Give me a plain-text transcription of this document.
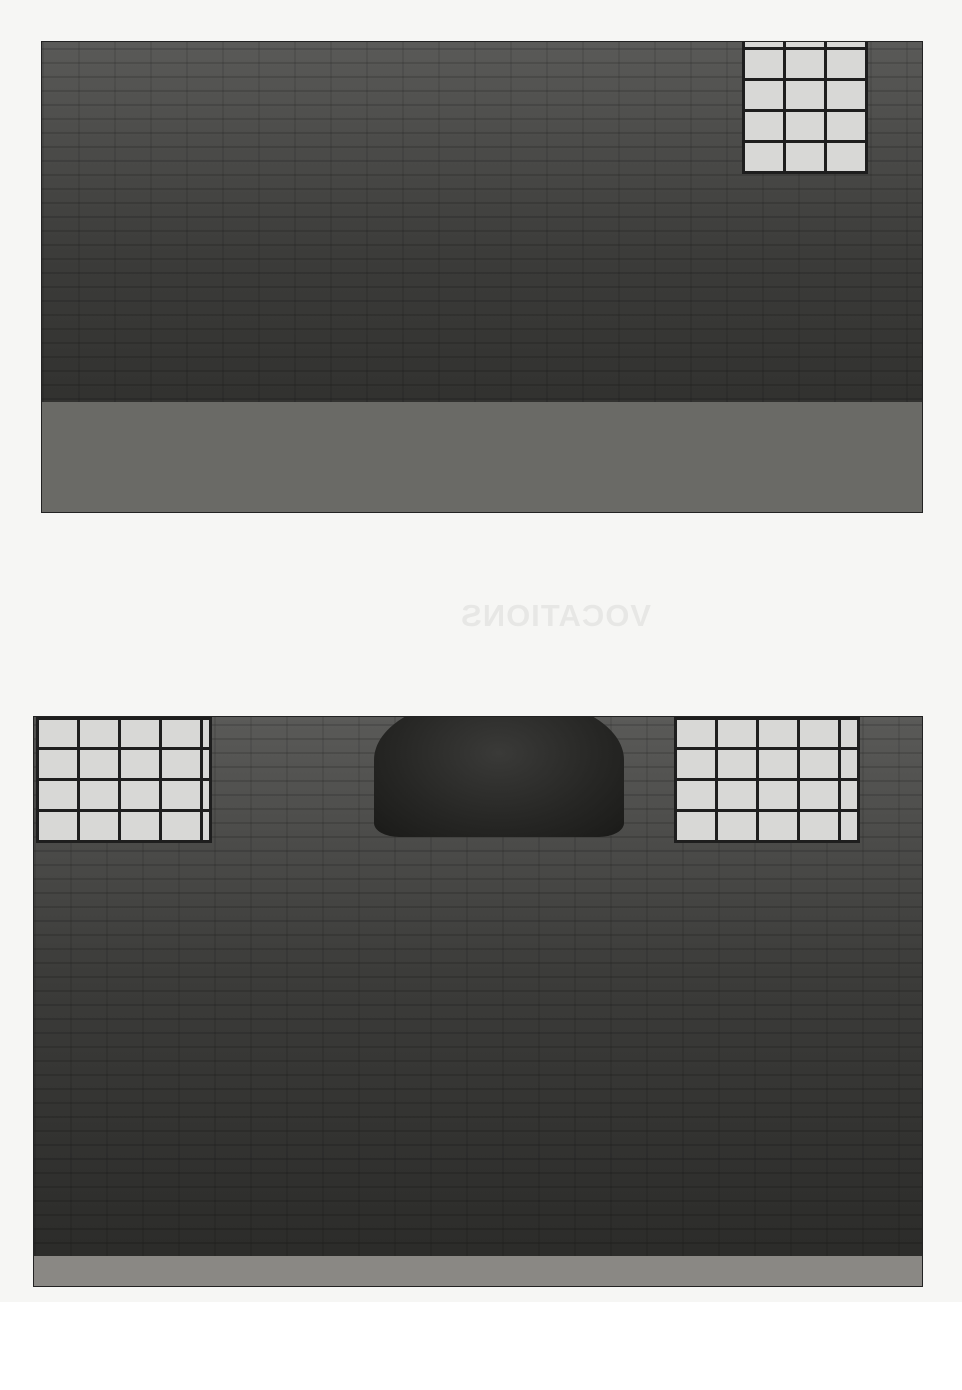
VOCATIONS
